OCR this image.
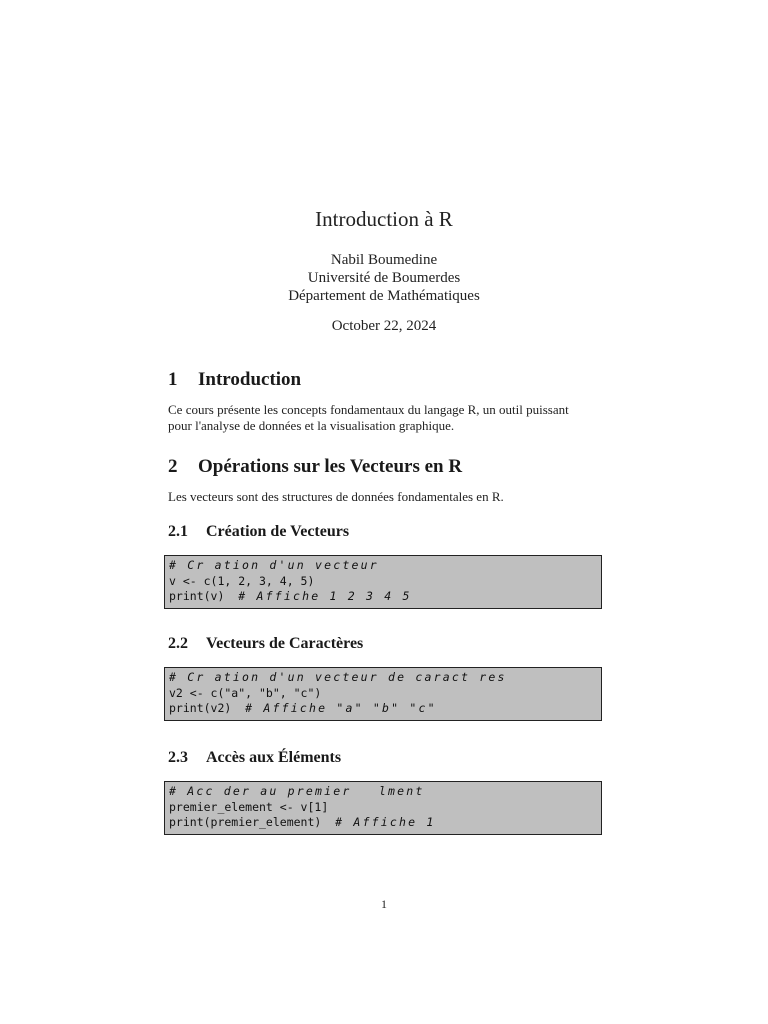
Introduction à R
Nabil Boumedine
Université de Boumerdes
Département de Mathématiques
October 22, 2024
1 Introduction
Ce cours présente les concepts fondamentaux du langage R, un outil puissant
pour l'analyse de données et la visualisation graphique.
2 Opérations sur les Vecteurs en R
Les vecteurs sont des structures de données fondamentales en R.
2.1 Création de Vecteurs
# Cr ation d'un vecteur
v <- c(1, 2, 3, 4, 5)
print(v)  # Affiche 1 2 3 4 5
2.2 Vecteurs de Caractères
# Cr ation d'un vecteur de caract res
v2 <- c("a", "b", "c")
print(v2)  # Affiche "a" "b" "c"
2.3 Accès aux Éléments
# Acc der au premier   lment
premier_element <- v[1]
print(premier_element)  # Affiche 1
1
